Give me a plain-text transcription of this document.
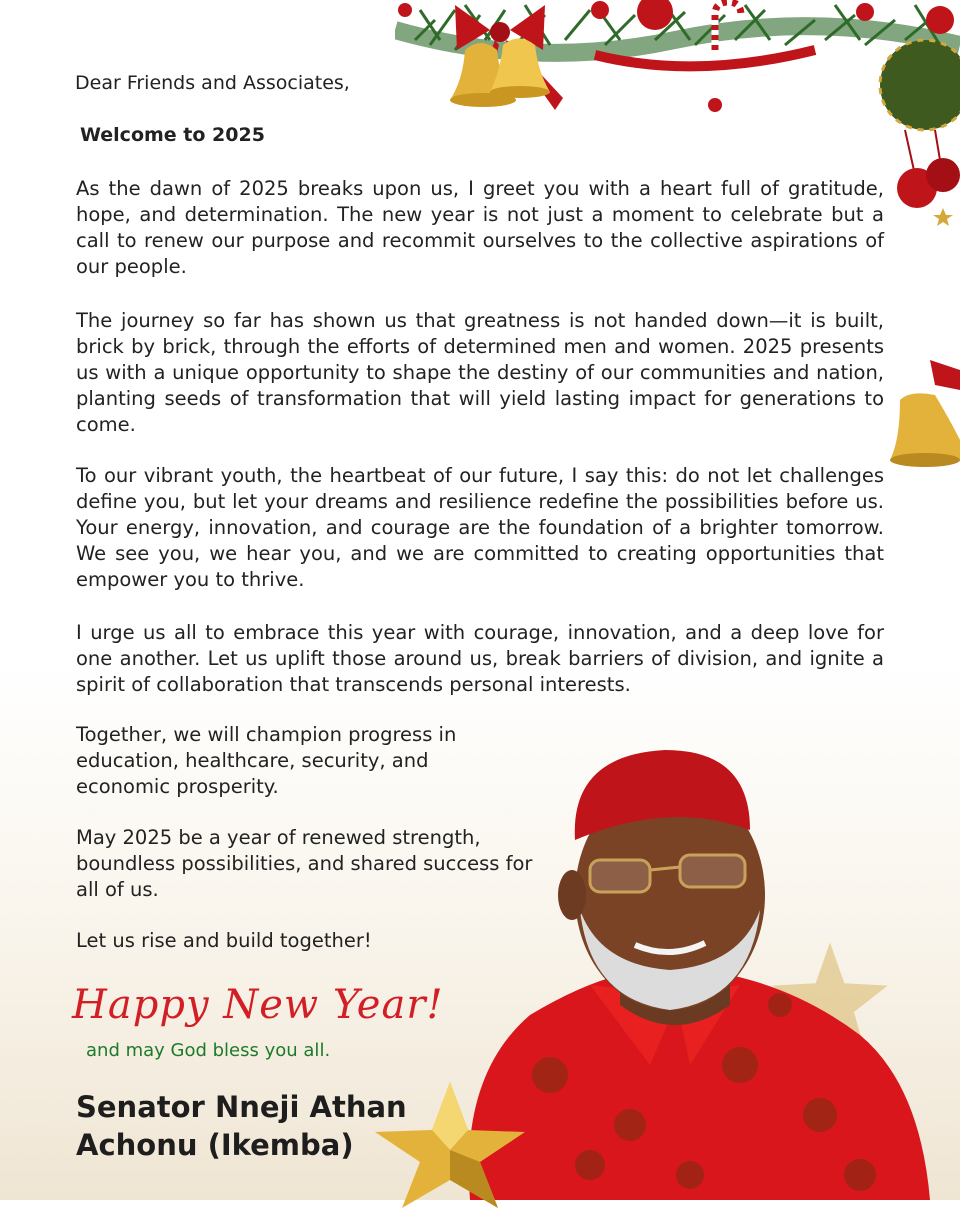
Dear Friends and Associates,
Welcome to 2025

As the dawn of 2025 breaks upon us, I greet you with a heart full of gratitude, hope, and determination. The new year is not just a moment to celebrate but a call to renew our purpose and recommit ourselves to the collective aspirations of our people.

The journey so far has shown us that greatness is not handed down—it is built, brick by brick, through the efforts of determined men and women. 2025 presents us with a unique opportunity to shape the destiny of our communities and nation, planting seeds of transformation that will yield lasting impact for generations to come.

To our vibrant youth, the heartbeat of our future, I say this: do not let challenges define you, but let your dreams and resilience redefine the possibilities before us. Your energy, innovation, and courage are the foundation of a brighter tomorrow. We see you, we hear you, and we are committed to creating opportunities that empower you to thrive.

I urge us all to embrace this year with courage, innovation, and a deep love for one another. Let us uplift those around us, break barriers of division, and ignite a spirit of collaboration that transcends personal interests.

Together, we will champion progress in education, healthcare, security, and economic prosperity.

May 2025 be a year of renewed strength, boundless possibilities, and shared success for all of us.

Let us rise and build together!

Happy New Year!
and may God bless you all.
Senator Nneji Athan Achonu (Ikemba)
